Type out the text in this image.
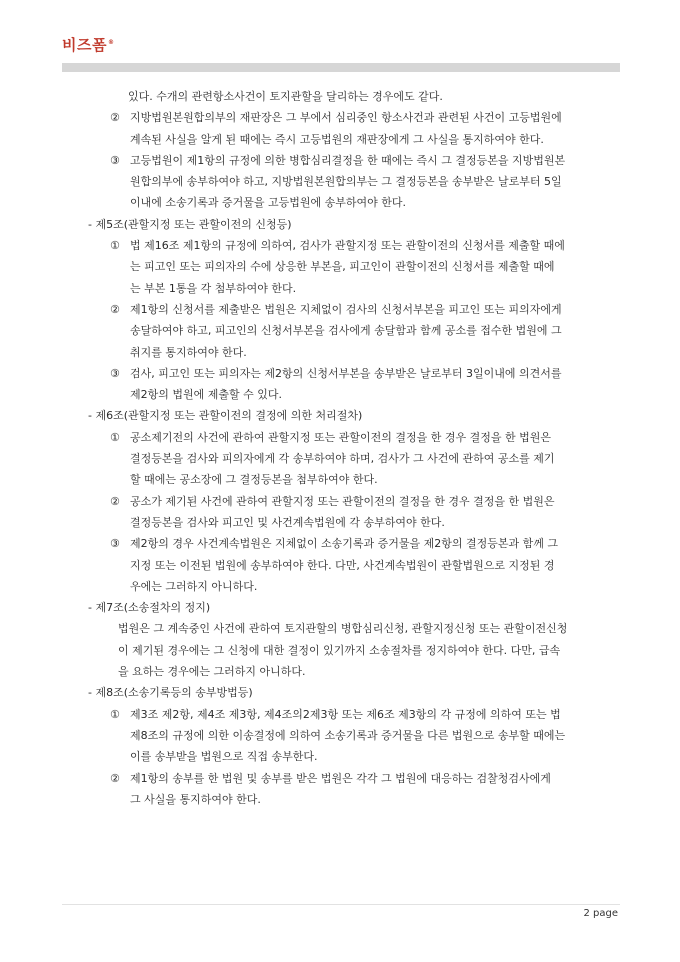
비즈폼®
있다. 수개의 관련항소사건이 토지관할을 달리하는 경우에도 같다.
② 지방법원본원합의부의 재판장은 그 부에서 심리중인 항소사건과 관련된 사건이 고등법원에
계속된 사실을 알게 된 때에는 즉시 고등법원의 재판장에게 그 사실을 통지하여야 한다.
③ 고등법원이 제1항의 규정에 의한 병합심리결정을 한 때에는 즉시 그 결정등본을 지방법원본
원합의부에 송부하여야 하고, 지방법원본원합의부는 그 결정등본을 송부받은 날로부터 5일
이내에 소송기록과 증거물을 고등법원에 송부하여야 한다.
- 제5조(관할지정 또는 관할이전의 신청등)
① 법 제16조 제1항의 규정에 의하여, 검사가 관할지정 또는 관할이전의 신청서를 제출할 때에
는 피고인 또는 피의자의 수에 상응한 부본을, 피고인이 관할이전의 신청서를 제출할 때에
는 부본 1통을 각 첨부하여야 한다.
② 제1항의 신청서를 제출받은 법원은 지체없이 검사의 신청서부본을 피고인 또는 피의자에게
송달하여야 하고, 피고인의 신청서부본을 검사에게 송달함과 함께 공소를 접수한 법원에 그
취지를 통지하여야 한다.
③ 검사, 피고인 또는 피의자는 제2항의 신청서부본을 송부받은 날로부터 3일이내에 의견서를
제2항의 법원에 제출할 수 있다.
- 제6조(관할지정 또는 관할이전의 결정에 의한 처리절차)
① 공소제기전의 사건에 관하여 관할지정 또는 관할이전의 결정을 한 경우 결정을 한 법원은
결정등본을 검사와 피의자에게 각 송부하여야 하며, 검사가 그 사건에 관하여 공소를 제기
할 때에는 공소장에 그 결정등본을 첨부하여야 한다.
② 공소가 제기된 사건에 관하여 관할지정 또는 관할이전의 결정을 한 경우 결정을 한 법원은
결정등본을 검사와 피고인 및 사건계속법원에 각 송부하여야 한다.
③ 제2항의 경우 사건계속법원은 지체없이 소송기록과 증거물을 제2항의 결정등본과 함께 그
지정 또는 이전된 법원에 송부하여야 한다. 다만, 사건계속법원이 관할법원으로 지정된 경
우에는 그러하지 아니하다.
- 제7조(소송절차의 정지)
법원은 그 계속중인 사건에 관하여 토지관할의 병합심리신청, 관할지정신청 또는 관할이전신청
이 제기된 경우에는 그 신청에 대한 결정이 있기까지 소송절차를 정지하여야 한다. 다만, 급속
을 요하는 경우에는 그러하지 아니하다.
- 제8조(소송기록등의 송부방법등)
① 제3조 제2항, 제4조 제3항, 제4조의2제3항 또는 제6조 제3항의 각 규정에 의하여 또는 법
제8조의 규정에 의한 이송결정에 의하여 소송기록과 증거물을 다른 법원으로 송부할 때에는
이를 송부받을 법원으로 직접 송부한다.
② 제1항의 송부를 한 법원 및 송부를 받은 법원은 각각 그 법원에 대응하는 검찰청검사에게
그 사실을 통지하여야 한다.
2 page
